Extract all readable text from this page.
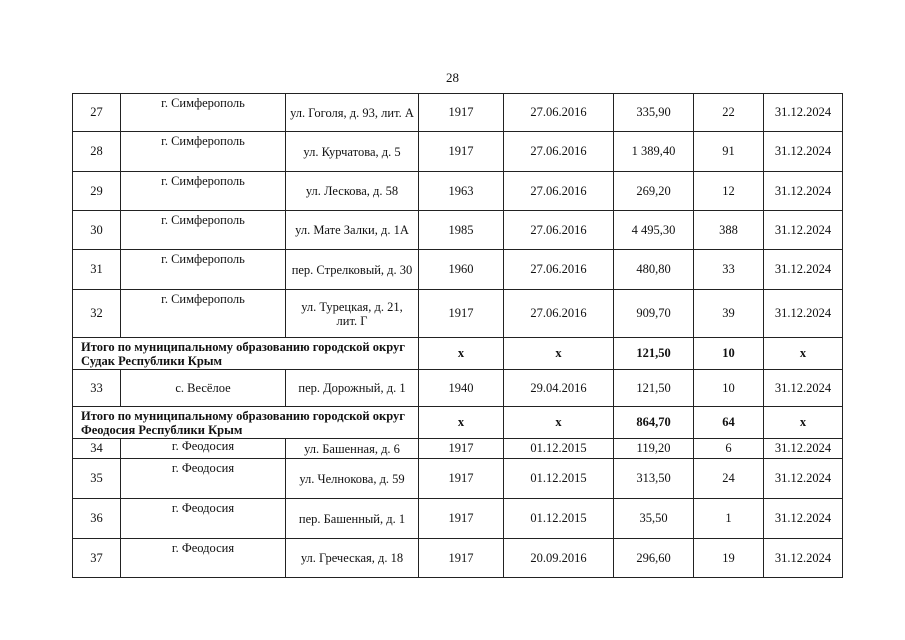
28
27	г. Симферополь	ул. Гоголя, д. 93, лит. А	1917	27.06.2016	335,90	22	31.12.2024
28	г. Симферополь	ул. Курчатова, д. 5	1917	27.06.2016	1 389,40	91	31.12.2024
29	г. Симферополь	ул. Лескова, д. 58	1963	27.06.2016	269,20	12	31.12.2024
30	г. Симферополь	ул. Мате Залки, д. 1А	1985	27.06.2016	4 495,30	388	31.12.2024
31	г. Симферополь	пер. Стрелковый, д. 30	1960	27.06.2016	480,80	33	31.12.2024
32	г. Симферополь	ул. Турецкая, д. 21, лит. Г	1917	27.06.2016	909,70	39	31.12.2024
Итого по муниципальному образованию городской округ Судак Республики Крым			х	х	121,50	10	х
33	с. Весёлое	пер. Дорожный, д. 1	1940	29.04.2016	121,50	10	31.12.2024
Итого по муниципальному образованию городской округ Феодосия Республики Крым			х	х	864,70	64	х
34	г. Феодосия	ул. Башенная, д. 6	1917	01.12.2015	119,20	6	31.12.2024
35	г. Феодосия	ул. Челнокова, д. 59	1917	01.12.2015	313,50	24	31.12.2024
36	г. Феодосия	пер. Башенный, д. 1	1917	01.12.2015	35,50	1	31.12.2024
37	г. Феодосия	ул. Греческая, д. 18	1917	20.09.2016	296,60	19	31.12.2024
